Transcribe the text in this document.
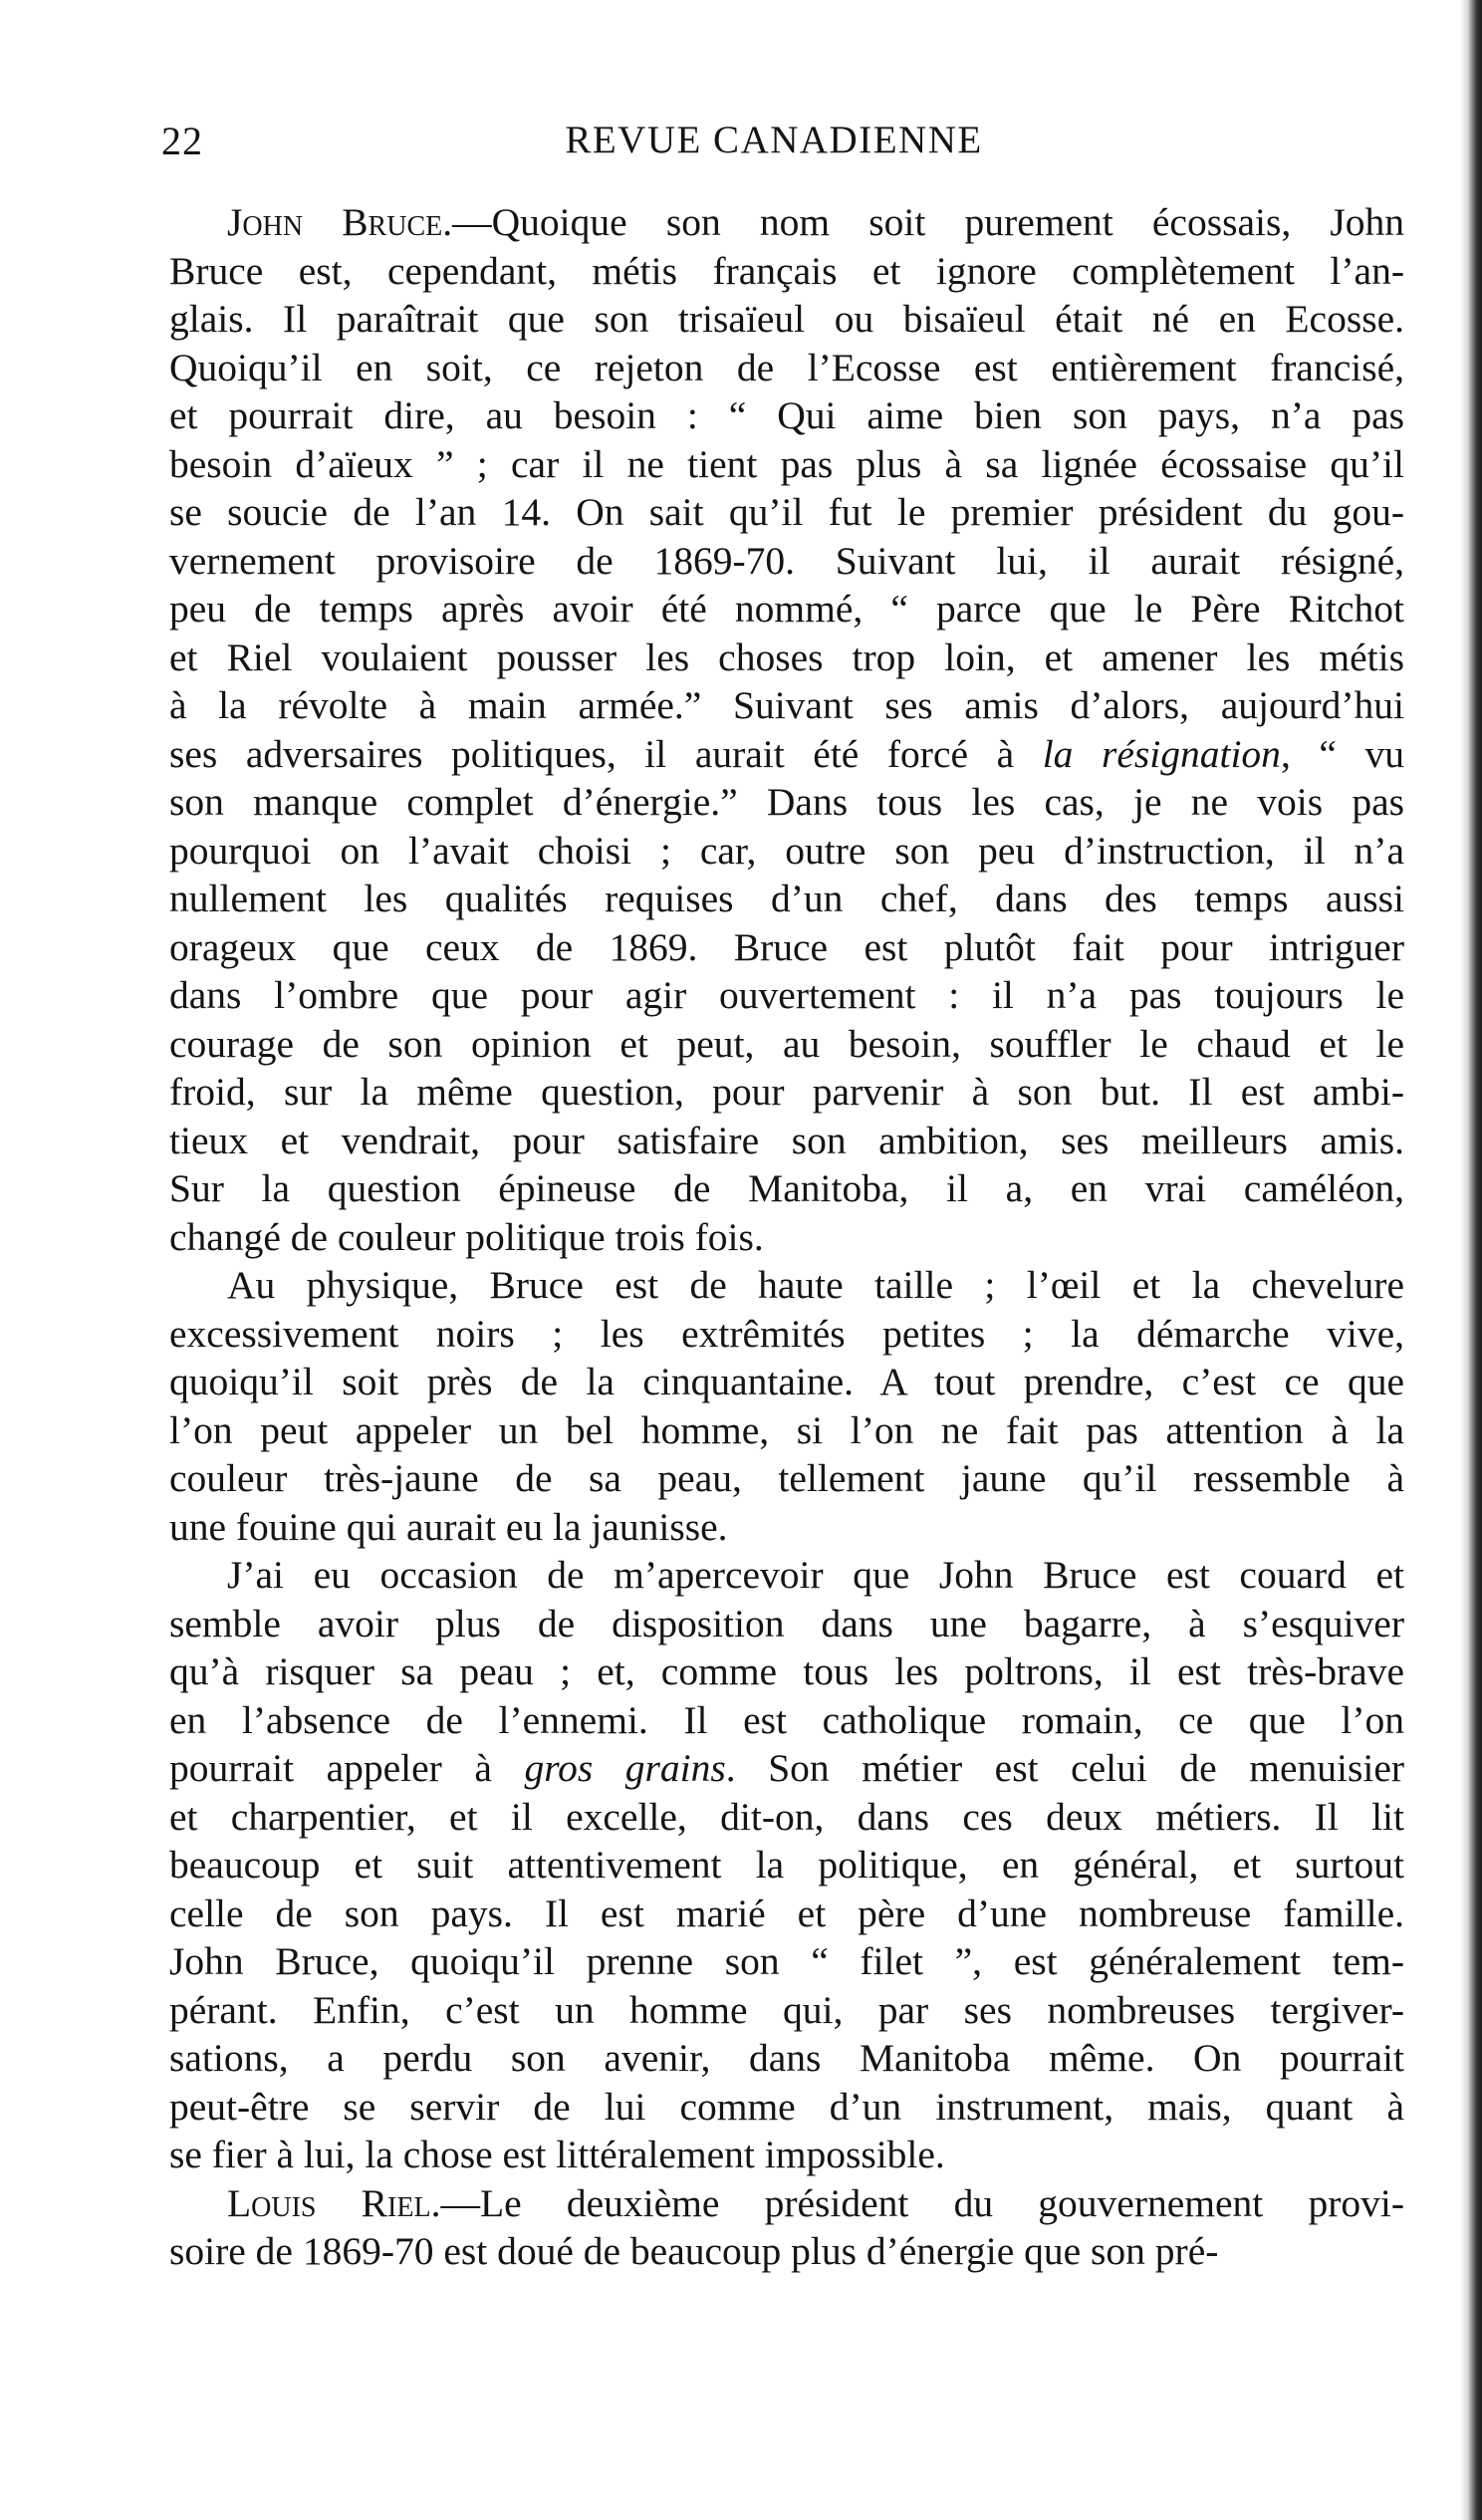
22	REVUE CANADIENNE
John Bruce.—Quoique son nom soit purement écossais, John
Bruce est, cependant, métis français et ignore complètement l’an-
glais. Il paraîtrait que son trisaïeul ou bisaïeul était né en Ecosse.
Quoiqu’il en soit, ce rejeton de l’Ecosse est entièrement francisé,
et pourrait dire, au besoin : “ Qui aime bien son pays, n’a pas
besoin d’aïeux ” ; car il ne tient pas plus à sa lignée écossaise qu’il
se soucie de l’an 14. On sait qu’il fut le premier président du gou-
vernement provisoire de 1869-70. Suivant lui, il aurait résigné,
peu de temps après avoir été nommé, “ parce que le Père Ritchot
et Riel voulaient pousser les choses trop loin, et amener les métis
à la révolte à main armée.” Suivant ses amis d’alors, aujourd’hui
ses adversaires politiques, il aurait été forcé à la résignation, “ vu
son manque complet d’énergie.” Dans tous les cas, je ne vois pas
pourquoi on l’avait choisi ; car, outre son peu d’instruction, il n’a
nullement les qualités requises d’un chef, dans des temps aussi
orageux que ceux de 1869. Bruce est plutôt fait pour intriguer
dans l’ombre que pour agir ouvertement : il n’a pas toujours le
courage de son opinion et peut, au besoin, souffler le chaud et le
froid, sur la même question, pour parvenir à son but. Il est ambi-
tieux et vendrait, pour satisfaire son ambition, ses meilleurs amis.
Sur la question épineuse de Manitoba, il a, en vrai caméléon,
changé de couleur politique trois fois.
Au physique, Bruce est de haute taille ; l’œil et la chevelure
excessivement noirs ; les extrêmités petites ; la démarche vive,
quoiqu’il soit près de la cinquantaine. A tout prendre, c’est ce que
l’on peut appeler un bel homme, si l’on ne fait pas attention à la
couleur très-jaune de sa peau, tellement jaune qu’il ressemble à
une fouine qui aurait eu la jaunisse.
J’ai eu occasion de m’apercevoir que John Bruce est couard et
semble avoir plus de disposition dans une bagarre, à s’esquiver
qu’à risquer sa peau ; et, comme tous les poltrons, il est très-brave
en l’absence de l’ennemi. Il est catholique romain, ce que l’on
pourrait appeler à gros grains. Son métier est celui de menuisier
et charpentier, et il excelle, dit-on, dans ces deux métiers. Il lit
beaucoup et suit attentivement la politique, en général, et surtout
celle de son pays. Il est marié et père d’une nombreuse famille.
John Bruce, quoiqu’il prenne son “ filet ”, est généralement tem-
pérant. Enfin, c’est un homme qui, par ses nombreuses tergiver-
sations, a perdu son avenir, dans Manitoba même. On pourrait
peut-être se servir de lui comme d’un instrument, mais, quant à
se fier à lui, la chose est littéralement impossible.
Louis Riel.—Le deuxième président du gouvernement provi-
soire de 1869-70 est doué de beaucoup plus d’énergie que son pré-
